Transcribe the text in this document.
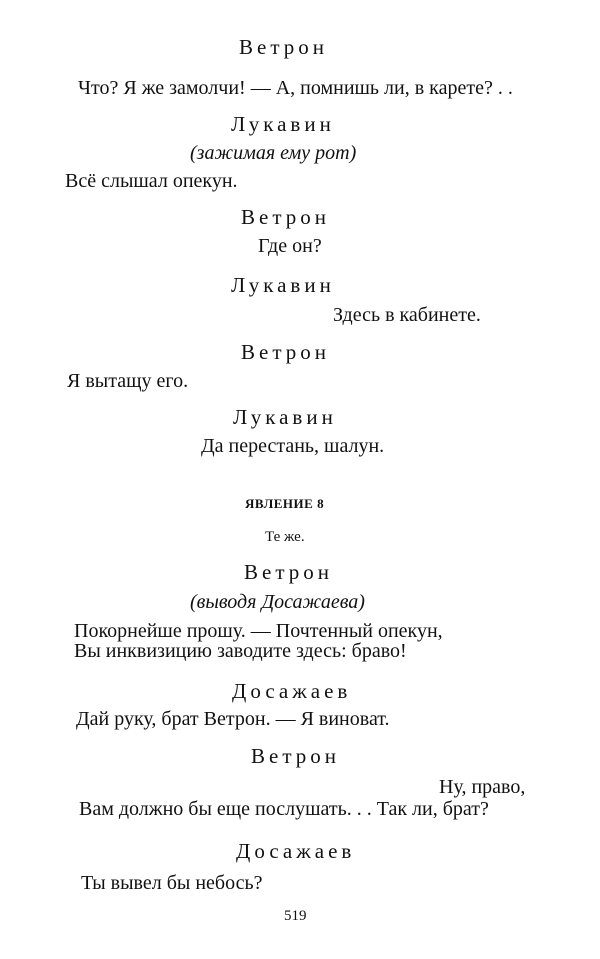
Ветрон
Что? Я же замолчи! — А, помнишь ли, в карете? . .
Лукавин
(зажимая ему рот)
Всё слышал опекун.
Ветрон
Где он?
Лукавин
Здесь в кабинете.
Ветрон
Я вытащу его.
Лукавин
Да перестань, шалун.
ЯВЛЕНИЕ 8
Те же.
Ветрон
(выводя Досажаева)
Покорнейше прошу. — Почтенный опекун,
Вы инквизицию заводите здесь: браво!
Досажаев
Дай руку, брат Ветрон. — Я виноват.
Ветрон
Ну, право,
Вам должно бы еще послушать. . . Так ли, брат?
Досажаев
Ты вывел бы небось?
519
